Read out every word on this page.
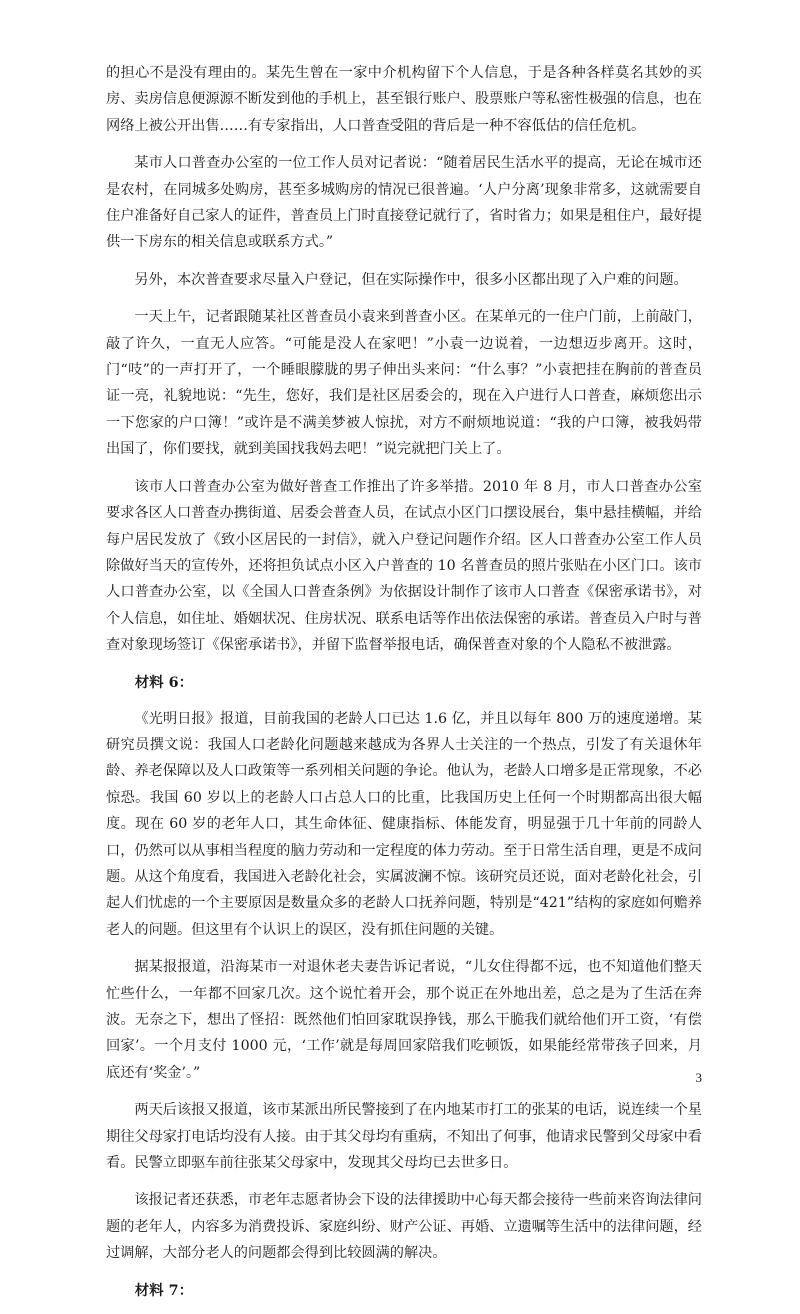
的担心不是没有理由的。某先生曾在一家中介机构留下个人信息，于是各种各样莫名其妙的买房、卖房信息便源源不断发到他的手机上，甚至银行账户、股票账户等私密性极强的信息，也在网络上被公开出售……有专家指出，人口普查受阻的背后是一种不容低估的信任危机。

某市人口普查办公室的一位工作人员对记者说：“随着居民生活水平的提高，无论在城市还是农村，在同城多处购房，甚至多城购房的情况已很普遍。‘人户分离’现象非常多，这就需要自住户准备好自己家人的证件，普查员上门时直接登记就行了，省时省力；如果是租住户，最好提供一下房东的相关信息或联系方式。”

另外，本次普查要求尽量入户登记，但在实际操作中，很多小区都出现了入户难的问题。

一天上午，记者跟随某社区普查员小袁来到普查小区。在某单元的一住户门前，上前敲门，敲了许久，一直无人应答。“可能是没人在家吧！”小袁一边说着，一边想迈步离开。这时，门“吱”的一声打开了，一个睡眼朦胧的男子伸出头来问：“什么事？”小袁把挂在胸前的普查员证一亮，礼貌地说：“先生，您好，我们是社区居委会的，现在入户进行人口普查，麻烦您出示一下您家的户口簿！”或许是不满美梦被人惊扰，对方不耐烦地说道：“我的户口簿，被我妈带出国了，你们要找，就到美国找我妈去吧！”说完就把门关上了。

该市人口普查办公室为做好普查工作推出了许多举措。2010 年 8 月，市人口普查办公室要求各区人口普查办携街道、居委会普查人员，在试点小区门口摆设展台，集中悬挂横幅，并给每户居民发放了《致小区居民的一封信》，就入户登记问题作介绍。区人口普查办公室工作人员除做好当天的宣传外，还将担负试点小区入户普查的 10 名普查员的照片张贴在小区门口。该市人口普查办公室，以《全国人口普查条例》为依据设计制作了该市人口普查《保密承诺书》，对个人信息，如住址、婚姻状况、住房状况、联系电话等作出依法保密的承诺。普查员入户时与普查对象现场签订《保密承诺书》，并留下监督举报电话，确保普查对象的个人隐私不被泄露。

材料 6：

《光明日报》报道，目前我国的老龄人口已达 1.6 亿，并且以每年 800 万的速度递增。某研究员撰文说：我国人口老龄化问题越来越成为各界人士关注的一个热点，引发了有关退休年龄、养老保障以及人口政策等一系列相关问题的争论。他认为，老龄人口增多是正常现象，不必惊恐。我国 60 岁以上的老龄人口占总人口的比重，比我国历史上任何一个时期都高出很大幅度。现在 60 岁的老年人口，其生命体征、健康指标、体能发育，明显强于几十年前的同龄人口，仍然可以从事相当程度的脑力劳动和一定程度的体力劳动。至于日常生活自理，更是不成问题。从这个角度看，我国进入老龄化社会，实属波澜不惊。该研究员还说，面对老龄化社会，引起人们忧虑的一个主要原因是数量众多的老龄人口抚养问题，特别是“421”结构的家庭如何赡养老人的问题。但这里有个认识上的误区，没有抓住问题的关键。

据某报报道，沿海某市一对退休老夫妻告诉记者说，“儿女住得都不远，也不知道他们整天忙些什么，一年都不回家几次。这个说忙着开会，那个说正在外地出差，总之是为了生活在奔波。无奈之下，想出了怪招：既然他们怕回家耽误挣钱，那么干脆我们就给他们开工资，‘有偿回家’。一个月支付 1000 元，‘工作’就是每周回家陪我们吃顿饭，如果能经常带孩子回来，月底还有‘奖金’。”

两天后该报又报道，该市某派出所民警接到了在内地某市打工的张某的电话，说连续一个星期往父母家打电话均没有人接。由于其父母均有重病，不知出了何事，他请求民警到父母家中看看。民警立即驱车前往张某父母家中，发现其父母均已去世多日。

该报记者还获悉，市老年志愿者协会下设的法律援助中心每天都会接待一些前来咨询法律问题的老年人，内容多为消费投诉、家庭纠纷、财产公证、再婚、立遗嘱等生活中的法律问题，经过调解，大部分老人的问题都会得到比较圆满的解决。

材料 7：
3
